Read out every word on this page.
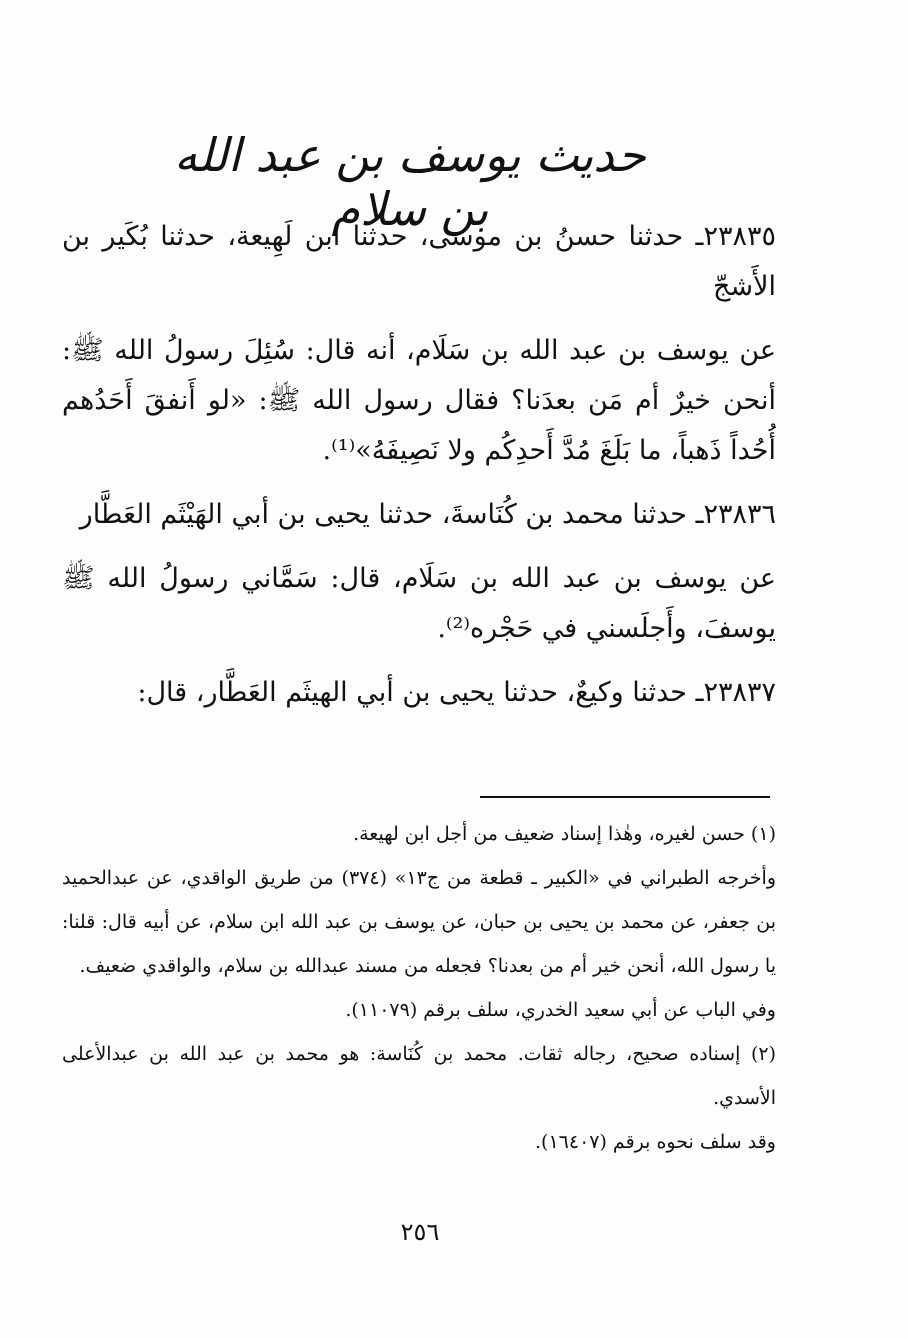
حديث يوسف بن عبد الله بن سلام

٢٣٨٣٥ـ حدثنا حسنُ بن موسى، حدثنا ابن لَهِيعة، حدثنا بُكَير بن الأَشجّ

عن يوسف بن عبد الله بن سَلَام، أنه قال: سُئِلَ رسولُ الله ﷺ: أنحن خيرٌ أم مَن بعدَنا؟ فقال رسول الله ﷺ: «لو أَنفقَ أَحَدُهم أُحُداً ذَهباً، ما بَلَغَ مُدَّ أَحدِكُم ولا نَصِيفَهُ»⁽¹⁾.

٢٣٨٣٦ـ حدثنا محمد بن كُنَاسةَ، حدثنا يحيى بن أبي الهَيْثَم العَطَّار

عن يوسف بن عبد الله بن سَلَام، قال: سَمَّاني رسولُ الله ﷺ يوسفَ، وأَجلَسني في حَجْره⁽²⁾.

٢٣٨٣٧ـ حدثنا وكيعٌ، حدثنا يحيى بن أبي الهيثَم العَطَّار، قال:

(١) حسن لغيره، وهٰذا إسناد ضعيف من أجل ابن لهيعة.

وأخرجه الطبراني في «الكبير ـ قطعة من ج١٣» (٣٧٤) من طريق الواقدي، عن عبدالحميد بن جعفر، عن محمد بن يحيى بن حبان، عن يوسف بن عبد الله ابن سلام، عن أبيه قال: قلنا: يا رسول الله، أنحن خير أم من بعدنا؟ فجعله من مسند عبدالله بن سلام، والواقدي ضعيف.

وفي الباب عن أبي سعيد الخدري، سلف برقم (١١٠٧٩).

(٢) إسناده صحيح، رجاله ثقات. محمد بن كُنَاسة: هو محمد بن عبد الله بن عبدالأعلى الأسدي.

وقد سلف نحوه برقم (١٦٤٠٧).

٢٥٦
